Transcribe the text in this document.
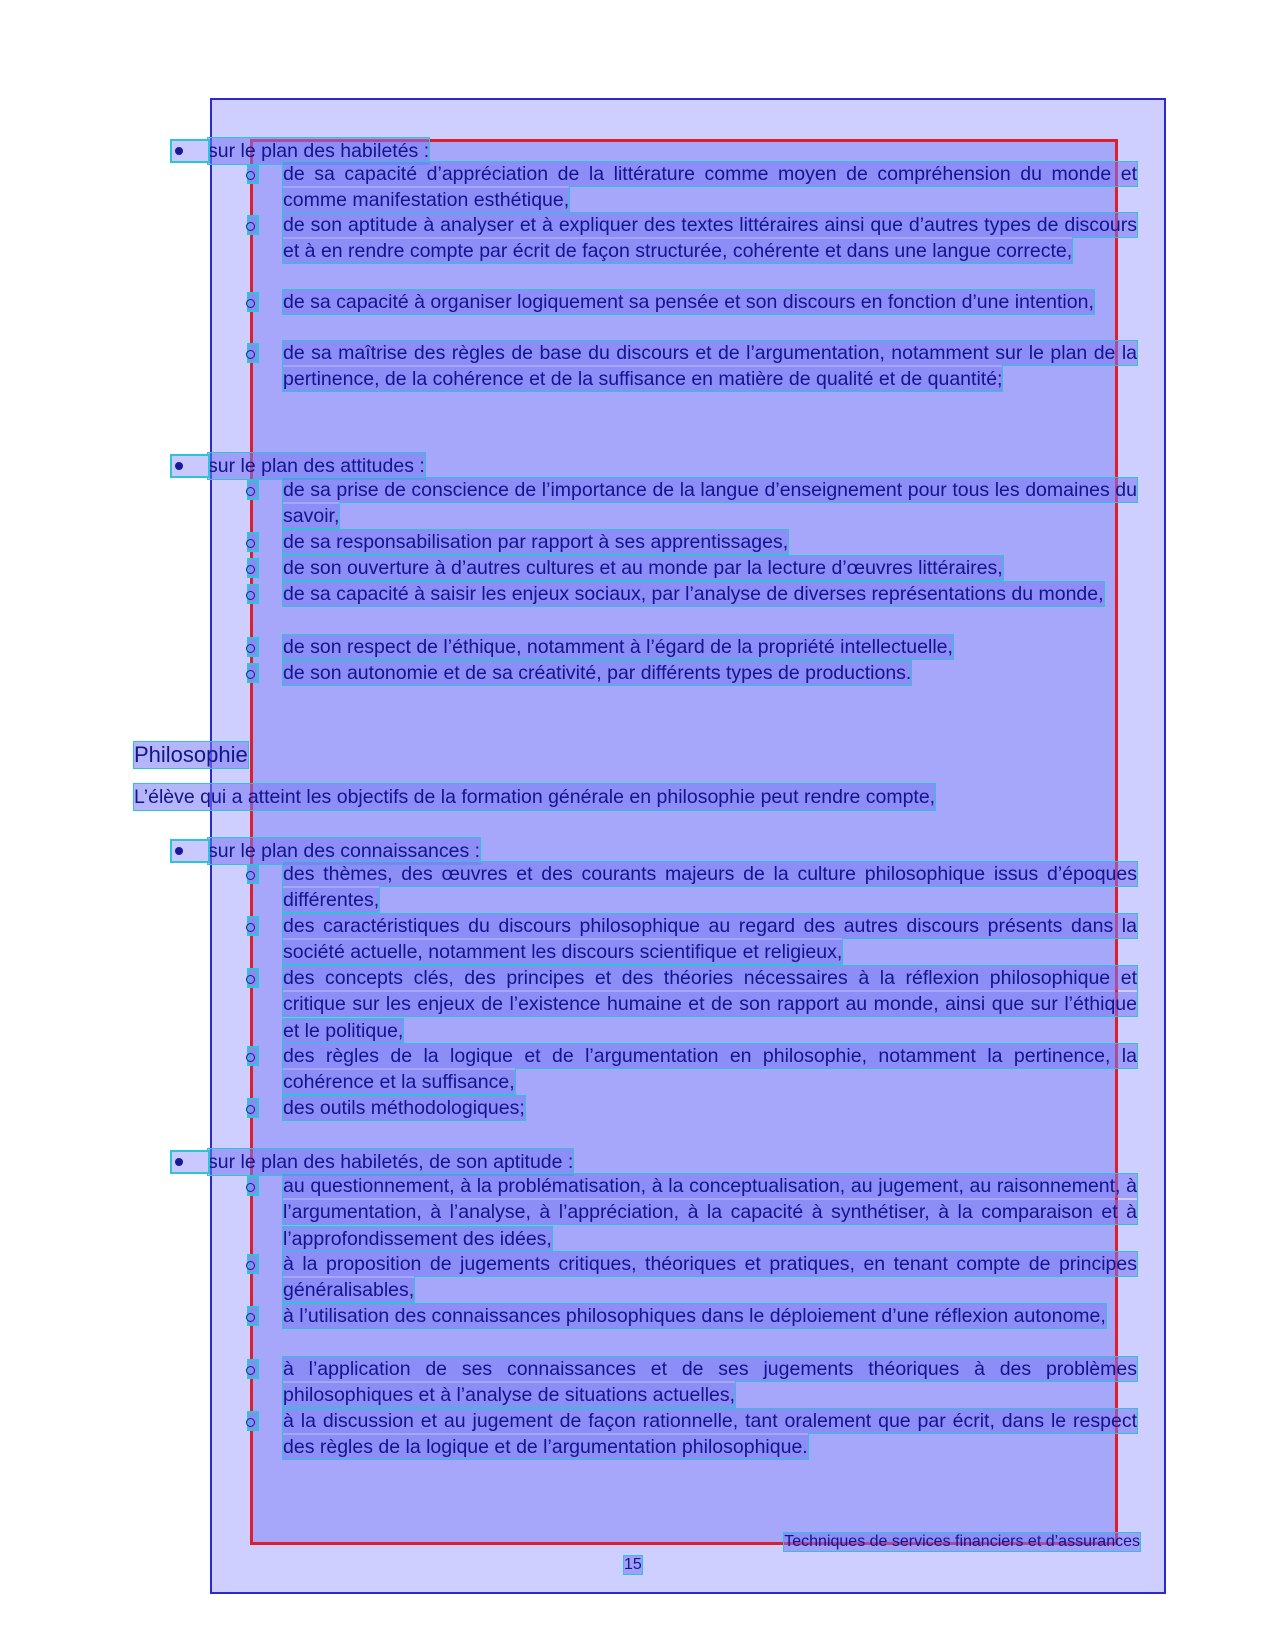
sur le plan des habiletés :
de sa capacité d’appréciation de la littérature comme moyen de compréhension du monde et comme manifestation esthétique,
de son aptitude à analyser et à expliquer des textes littéraires ainsi que d’autres types de discours et à en rendre compte par écrit de façon structurée, cohérente et dans une langue correcte,
de sa capacité à organiser logiquement sa pensée et son discours en fonction d’une intention,
de sa maîtrise des règles de base du discours et de l’argumentation, notamment sur le plan de la pertinence, de la cohérence et de la suffisance en matière de qualité et de quantité;
sur le plan des attitudes :
de sa prise de conscience de l’importance de la langue d’enseignement pour tous les domaines du savoir,
de sa responsabilisation par rapport à ses apprentissages,
de son ouverture à d’autres cultures et au monde par la lecture d’œuvres littéraires,
de sa capacité à saisir les enjeux sociaux, par l’analyse de diverses représentations du monde,
de son respect de l’éthique, notamment à l’égard de la propriété intellectuelle,
de son autonomie et de sa créativité, par différents types de productions.
Philosophie
L’élève qui a atteint les objectifs de la formation générale en philosophie peut rendre compte,
sur le plan des connaissances :
des thèmes, des œuvres et des courants majeurs de la culture philosophique issus d’époques différentes,
des caractéristiques du discours philosophique au regard des autres discours présents dans la société actuelle, notamment les discours scientifique et religieux,
des concepts clés, des principes et des théories nécessaires à la réflexion philosophique et critique sur les enjeux de l’existence humaine et de son rapport au monde, ainsi que sur l’éthique et le politique,
des règles de la logique et de l’argumentation en philosophie, notamment la pertinence, la cohérence et la suffisance,
des outils méthodologiques;
sur le plan des habiletés, de son aptitude :
au questionnement, à la problématisation, à la conceptualisation, au jugement, au raisonnement, à l’argumentation, à l’analyse, à l’appréciation, à la capacité à synthétiser, à la comparaison et à l’approfondissement des idées,
à la proposition de jugements critiques, théoriques et pratiques, en tenant compte de principes généralisables,
à l’utilisation des connaissances philosophiques dans le déploiement d’une réflexion autonome,
à l’application de ses connaissances et de ses jugements théoriques à des problèmes philosophiques et à l’analyse de situations actuelles,
à la discussion et au jugement de façon rationnelle, tant oralement que par écrit, dans le respect des règles de la logique et de l’argumentation philosophique.
Techniques de services financiers et d’assurances
15
